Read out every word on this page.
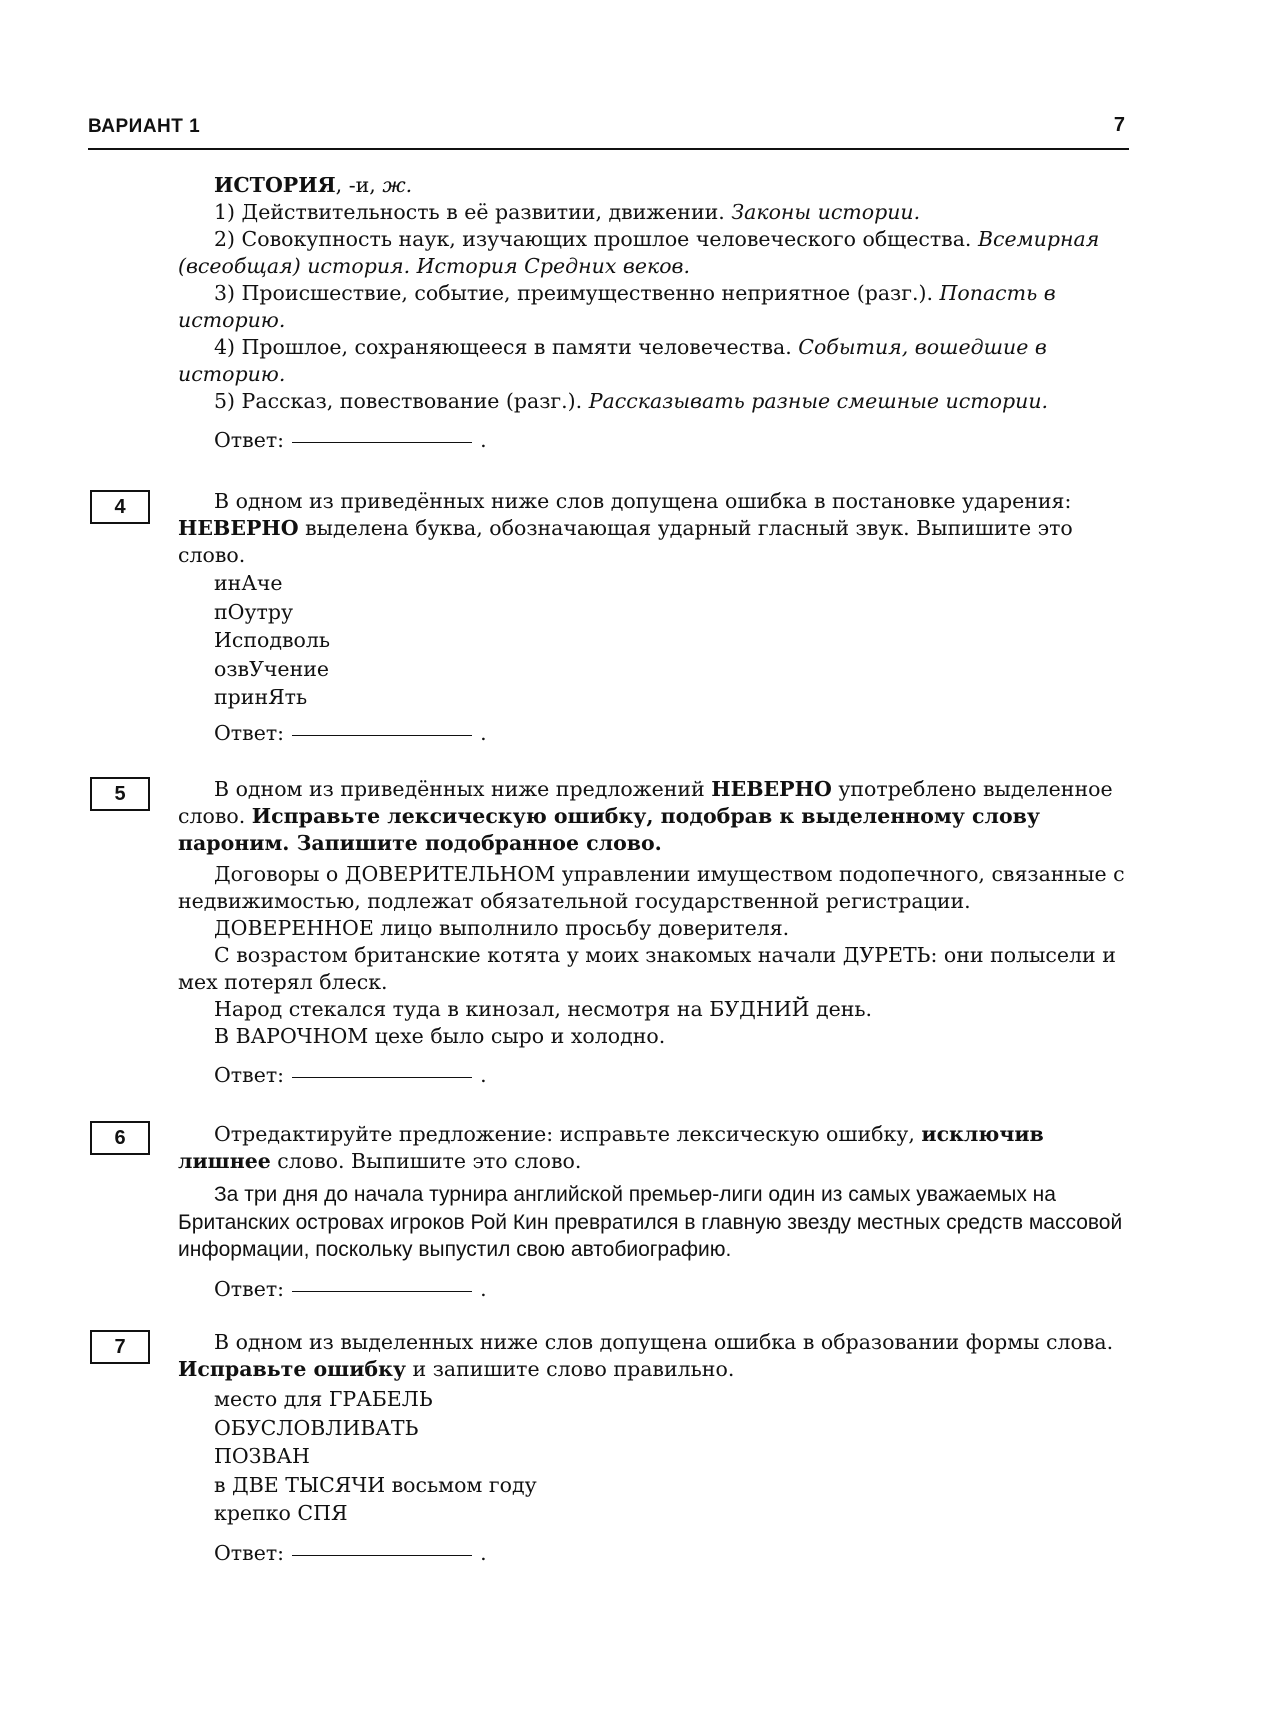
ВАРИАНТ 1	7

ИСТОРИЯ, -и, ж.

1) Действительность в её развитии, движении. Законы истории.

2) Совокупность наук, изучающих прошлое человеческого общества. Всемирная (всеобщая) история. История Средних веков.

3) Происшествие, событие, преимущественно неприятное (разг.). Попасть в историю.

4) Прошлое, сохраняющееся в памяти человечества. События, вошедшие в историю.

5) Рассказ, повествование (разг.). Рассказывать разные смешные истории.

Ответ:	.
4	В одном из приведённых ниже слов допущена ошибка в постановке ударения: НЕВЕРНО выделена буква, обозначающая ударный гласный звук. Выпишите это слово.

инАче

пОутру

Исподволь

озвУчение

принЯть

Ответ:	.
5	В одном из приведённых ниже предложений НЕВЕРНО употреблено выделенное слово. Исправьте лексическую ошибку, подобрав к выделенному слову пароним. Запишите подобранное слово.

Договоры о ДОВЕРИТЕЛЬНОМ управлении имуществом подопечного, связанные с недвижимостью, подлежат обязательной государственной регистрации.

ДОВЕРЕННОЕ лицо выполнило просьбу доверителя.

С возрастом британские котята у моих знакомых начали ДУРЕТЬ: они полысели и мех потерял блеск.

Народ стекался туда в кинозал, несмотря на БУДНИЙ день.

В ВАРОЧНОМ цехе было сыро и холодно.

Ответ:	.
6	Отредактируйте предложение: исправьте лексическую ошибку, исключив лишнее слово. Выпишите это слово.

За три дня до начала турнира английской премьер-лиги один из самых уважаемых на Британских островах игроков Рой Кин превратился в главную звезду местных средств массовой информации, поскольку выпустил свою автобиографию.

Ответ:	.
7	В одном из выделенных ниже слов допущена ошибка в образовании формы слова. Исправьте ошибку и запишите слово правильно.

место для ГРАБЕЛЬ

ОБУСЛОВЛИВАТЬ

ПОЗВАН

в ДВЕ ТЫСЯЧИ восьмом году

крепко СПЯ

Ответ:	.
